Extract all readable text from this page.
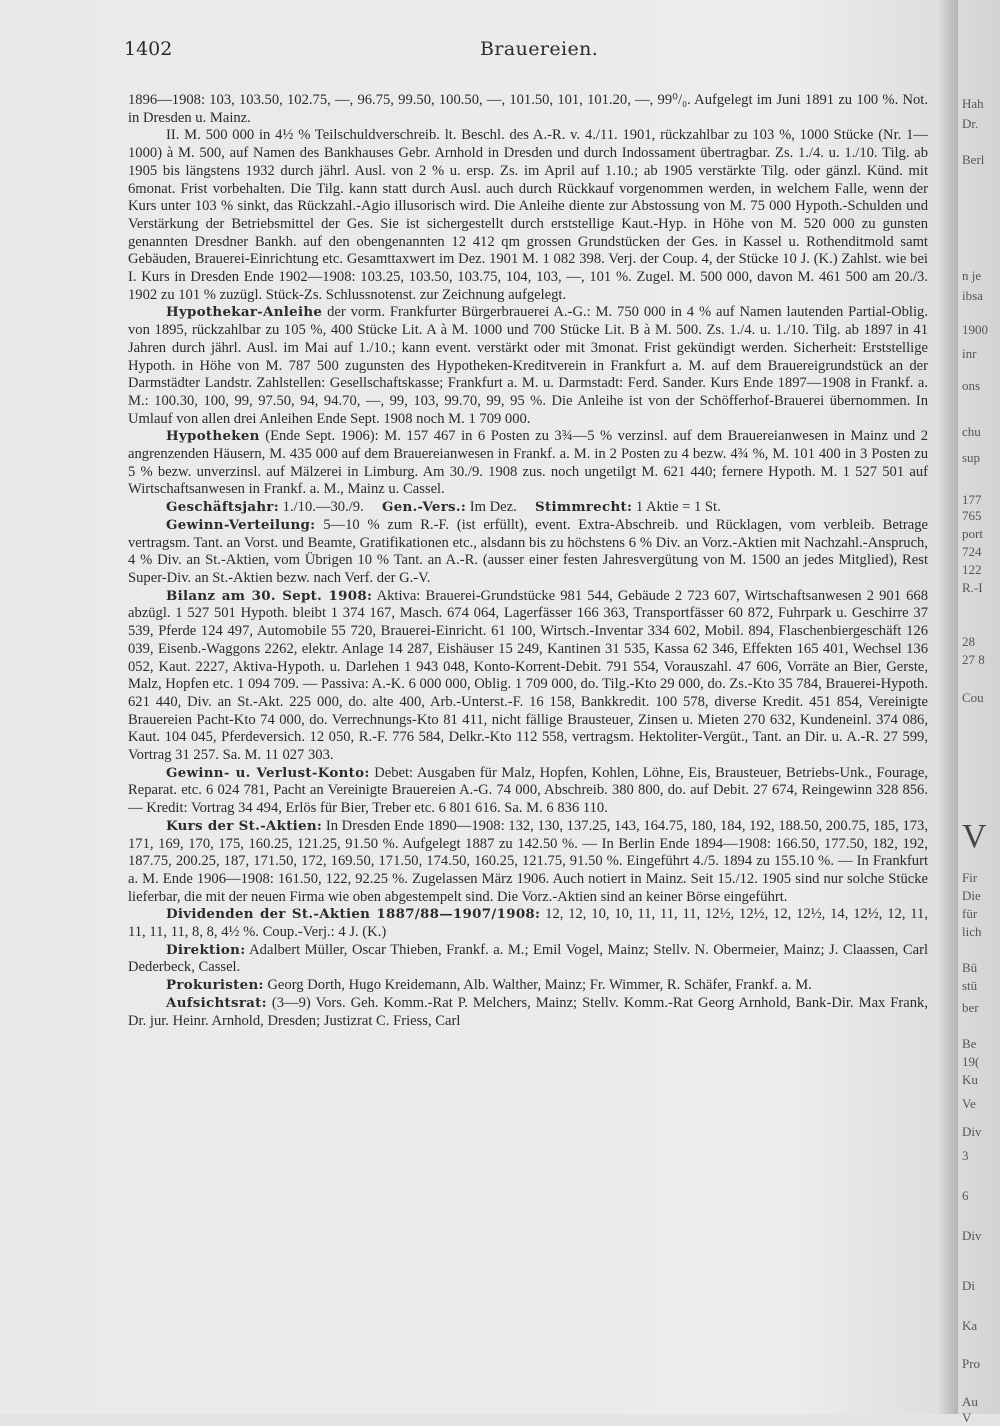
1402	Brauereien.
1896—1908: 103, 103.50, 102.75, —, 96.75, 99.50, 100.50, —, 101.50, 101, 101.20, —, 99⁰/₀. Aufgelegt im Juni 1891 zu 100 %. Not. in Dresden u. Mainz.
II. M. 500 000 in 4½ % Teilschuldverschreib. lt. Beschl. des A.-R. v. 4./11. 1901, rückzahlbar zu 103 %, 1000 Stücke (Nr. 1—1000) à M. 500, auf Namen des Bankhauses Gebr. Arnhold in Dresden und durch Indossament übertragbar. Zs. 1./4. u. 1./10. Tilg. ab 1905 bis längstens 1932 durch jährl. Ausl. von 2 % u. ersp. Zs. im April auf 1.10.; ab 1905 verstärkte Tilg. oder gänzl. Künd. mit 6monat. Frist vorbehalten. Die Tilg. kann statt durch Ausl. auch durch Rückkauf vorgenommen werden, in welchem Falle, wenn der Kurs unter 103 % sinkt, das Rückzahl.-Agio illusorisch wird. Die Anleihe diente zur Abstossung von M. 75 000 Hypoth.-Schulden und Verstärkung der Betriebsmittel der Ges. Sie ist sichergestellt durch erststellige Kaut.-Hyp. in Höhe von M. 520 000 zu gunsten genannten Dresdner Bankh. auf den obengenannten 12 412 qm grossen Grundstücken der Ges. in Kassel u. Rothenditmold samt Gebäuden, Brauerei-Einrichtung etc. Gesamttaxwert im Dez. 1901 M. 1 082 398. Verj. der Coup. 4, der Stücke 10 J. (K.) Zahlst. wie bei I. Kurs in Dresden Ende 1902—1908: 103.25, 103.50, 103.75, 104, 103, —, 101 %. Zugel. M. 500 000, davon M. 461 500 am 20./3. 1902 zu 101 % zuzügl. Stück-Zs. Schlussnotenst. zur Zeichnung aufgelegt.
Hypothekar-Anleihe der vorm. Frankfurter Bürgerbrauerei A.-G.: M. 750 000 in 4 % auf Namen lautenden Partial-Oblig. von 1895, rückzahlbar zu 105 %, 400 Stücke Lit. A à M. 1000 und 700 Stücke Lit. B à M. 500. Zs. 1./4. u. 1./10. Tilg. ab 1897 in 41 Jahren durch jährl. Ausl. im Mai auf 1./10.; kann event. verstärkt oder mit 3monat. Frist gekündigt werden. Sicherheit: Erststellige Hypoth. in Höhe von M. 787 500 zugunsten des Hypotheken-Kreditverein in Frankfurt a. M. auf dem Brauereigrundstück an der Darmstädter Landstr. Zahlstellen: Gesellschaftskasse; Frankfurt a. M. u. Darmstadt: Ferd. Sander. Kurs Ende 1897—1908 in Frankf. a. M.: 100.30, 100, 99, 97.50, 94, 94.70, —, 99, 103, 99.70, 99, 95 %. Die Anleihe ist von der Schöfferhof-Brauerei übernommen. In Umlauf von allen drei Anleihen Ende Sept. 1908 noch M. 1 709 000.
Hypotheken (Ende Sept. 1906): M. 157 467 in 6 Posten zu 3¾—5 % verzinsl. auf dem Brauereianwesen in Mainz und 2 angrenzenden Häusern, M. 435 000 auf dem Brauereianwesen in Frankf. a. M. in 2 Posten zu 4 bezw. 4¾ %, M. 101 400 in 3 Posten zu 5 % bezw. unverzinsl. auf Mälzerei in Limburg. Am 30./9. 1908 zus. noch ungetilgt M. 621 440; fernere Hypoth. M. 1 527 501 auf Wirtschaftsanwesen in Frankf. a. M., Mainz u. Cassel.
Geschäftsjahr: 1./10.—30./9.  Gen.-Vers.: Im Dez.  Stimmrecht: 1 Aktie = 1 St.
Gewinn-Verteilung: 5—10 % zum R.-F. (ist erfüllt), event. Extra-Abschreib. und Rücklagen, vom verbleib. Betrage vertragsm. Tant. an Vorst. und Beamte, Gratifikationen etc., alsdann bis zu höchstens 6 % Div. an Vorz.-Aktien mit Nachzahl.-Anspruch, 4 % Div. an St.-Aktien, vom Übrigen 10 % Tant. an A.-R. (ausser einer festen Jahresvergütung von M. 1500 an jedes Mitglied), Rest Super-Div. an St.-Aktien bezw. nach Verf. der G.-V.
Bilanz am 30. Sept. 1908: Aktiva: Brauerei-Grundstücke 981 544, Gebäude 2 723 607, Wirtschaftsanwesen 2 901 668 abzügl. 1 527 501 Hypoth. bleibt 1 374 167, Masch. 674 064, Lagerfässer 166 363, Transportfässer 60 872, Fuhrpark u. Geschirre 37 539, Pferde 124 497, Automobile 55 720, Brauerei-Einricht. 61 100, Wirtsch.-Inventar 334 602, Mobil. 894, Flaschenbiergeschäft 126 039, Eisenb.-Waggons 2262, elektr. Anlage 14 287, Eishäuser 15 249, Kantinen 31 535, Kassa 62 346, Effekten 165 401, Wechsel 136 052, Kaut. 2227, Aktiva-Hypoth. u. Darlehen 1 943 048, Konto-Korrent-Debit. 791 554, Vorauszahl. 47 606, Vorräte an Bier, Gerste, Malz, Hopfen etc. 1 094 709. — Passiva: A.-K. 6 000 000, Oblig. 1 709 000, do. Tilg.-Kto 29 000, do. Zs.-Kto 35 784, Brauerei-Hypoth. 621 440, Div. an St.-Akt. 225 000, do. alte 400, Arb.-Unterst.-F. 16 158, Bankkredit. 100 578, diverse Kredit. 451 854, Vereinigte Brauereien Pacht-Kto 74 000, do. Verrechnungs-Kto 81 411, nicht fällige Brausteuer, Zinsen u. Mieten 270 632, Kundeneinl. 374 086, Kaut. 104 045, Pferdeversich. 12 050, R.-F. 776 584, Delkr.-Kto 112 558, vertragsm. Hektoliter-Vergüt., Tant. an Dir. u. A.-R. 27 599, Vortrag 31 257. Sa. M. 11 027 303.
Gewinn- u. Verlust-Konto: Debet: Ausgaben für Malz, Hopfen, Kohlen, Löhne, Eis, Brausteuer, Betriebs-Unk., Fourage, Reparat. etc. 6 024 781, Pacht an Vereinigte Brauereien A.-G. 74 000, Abschreib. 380 800, do. auf Debit. 27 674, Reingewinn 328 856. — Kredit: Vortrag 34 494, Erlös für Bier, Treber etc. 6 801 616. Sa. M. 6 836 110.
Kurs der St.-Aktien: In Dresden Ende 1890—1908: 132, 130, 137.25, 143, 164.75, 180, 184, 192, 188.50, 200.75, 185, 173, 171, 169, 170, 175, 160.25, 121.25, 91.50 %. Aufgelegt 1887 zu 142.50 %. — In Berlin Ende 1894—1908: 166.50, 177.50, 182, 192, 187.75, 200.25, 187, 171.50, 172, 169.50, 171.50, 174.50, 160.25, 121.75, 91.50 %. Eingeführt 4./5. 1894 zu 155.10 %. — In Frankfurt a. M. Ende 1906—1908: 161.50, 122, 92.25 %. Zugelassen März 1906. Auch notiert in Mainz. Seit 15./12. 1905 sind nur solche Stücke lieferbar, die mit der neuen Firma wie oben abgestempelt sind. Die Vorz.-Aktien sind an keiner Börse eingeführt.
Dividenden der St.-Aktien 1887/88—1907/1908: 12, 12, 10, 10, 11, 11, 11, 12½, 12½, 12, 12½, 14, 12½, 12, 11, 11, 11, 11, 8, 8, 4½ %. Coup.-Verj.: 4 J. (K.)
Direktion: Adalbert Müller, Oscar Thieben, Frankf. a. M.; Emil Vogel, Mainz; Stellv. N. Obermeier, Mainz; J. Claassen, Carl Dederbeck, Cassel.
Prokuristen: Georg Dorth, Hugo Kreidemann, Alb. Walther, Mainz; Fr. Wimmer, R. Schäfer, Frankf. a. M.
Aufsichtsrat: (3—9) Vors. Geh. Komm.-Rat P. Melchers, Mainz; Stellv. Komm.-Rat Georg Arnhold, Bank-Dir. Max Frank, Dr. jur. Heinr. Arnhold, Dresden; Justizrat C. Friess, Carl
Hah
Dr.
Berl
n je
ibsa
1900
inr
ons
chu
sup
177
765
port
724
122
R.-I
28
27 8
Cou
V
Fir
Die
für
lich
Bü
stü
ber
Be
19(
Ku
Ve
Div
3
6
Div
Di
Ka
Pro
Au
V
